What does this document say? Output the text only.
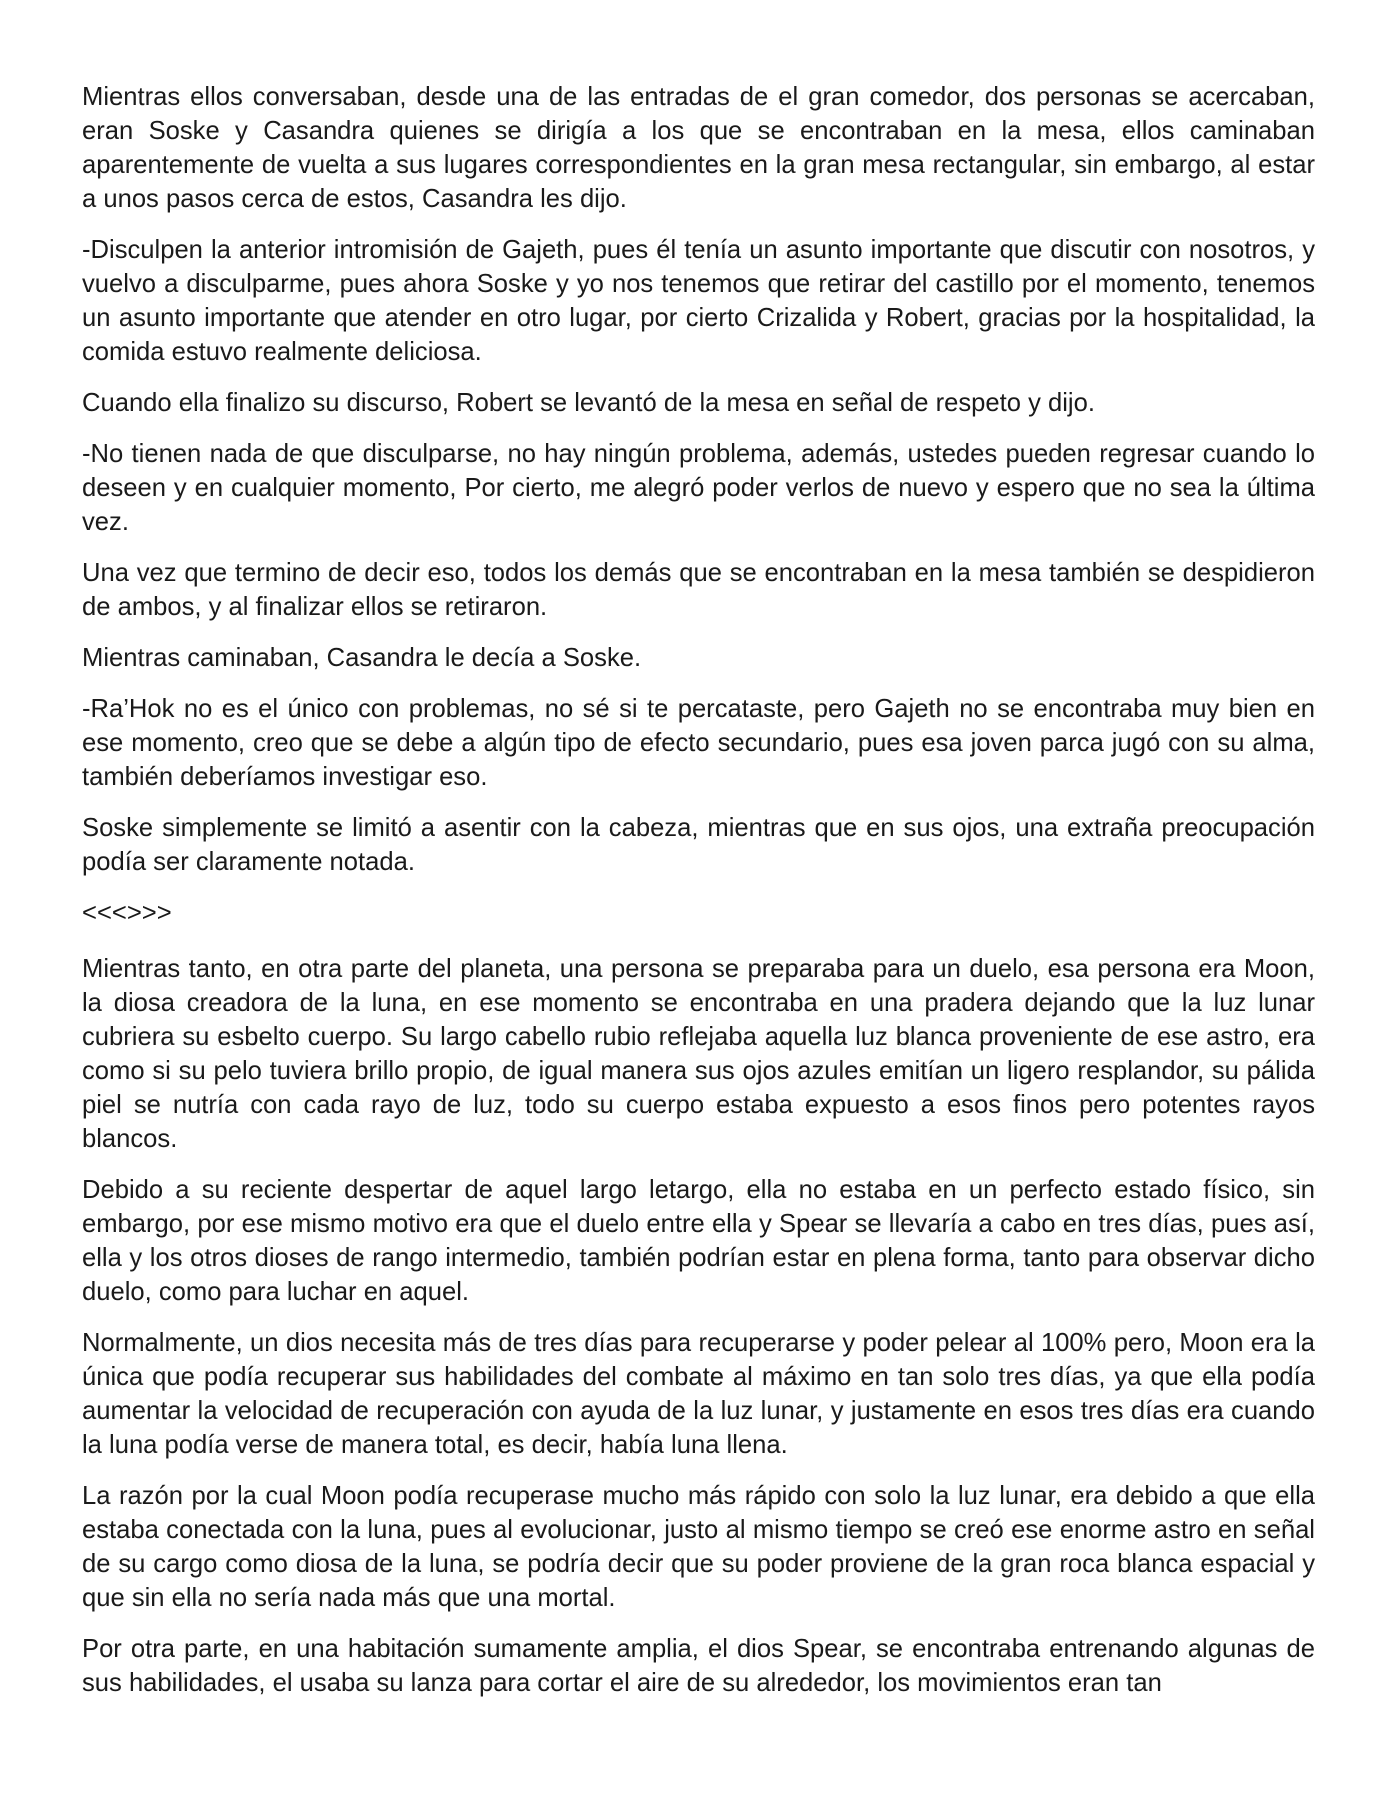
Mientras ellos conversaban, desde una de las entradas de el gran comedor, dos personas se acercaban, eran Soske y Casandra quienes se dirigía a los que se encontraban en la mesa, ellos caminaban aparentemente de vuelta a sus lugares correspondientes en la gran mesa rectangular, sin embargo, al estar a unos pasos cerca de estos, Casandra les dijo.

-Disculpen la anterior intromisión de Gajeth, pues él tenía un asunto importante que discutir con nosotros, y vuelvo a disculparme, pues ahora Soske y yo nos tenemos que retirar del castillo por el momento, tenemos un asunto importante que atender en otro lugar, por cierto Crizalida y Robert, gracias por la hospitalidad, la comida estuvo realmente deliciosa.

Cuando ella finalizo su discurso, Robert se levantó de la mesa en señal de respeto y dijo.

-No tienen nada de que disculparse, no hay ningún problema, además, ustedes pueden regresar cuando lo deseen y en cualquier momento, Por cierto, me alegró poder verlos de nuevo y espero que no sea la última vez.

Una vez que termino de decir eso, todos los demás que se encontraban en la mesa también se despidieron de ambos, y al finalizar ellos se retiraron.

Mientras caminaban, Casandra le decía a Soske.

-Ra’Hok no es el único con problemas, no sé si te percataste, pero Gajeth no se encontraba muy bien en ese momento, creo que se debe a algún tipo de efecto secundario, pues esa joven parca jugó con su alma, también deberíamos investigar eso.

Soske simplemente se limitó a asentir con la cabeza, mientras que en sus ojos, una extraña preocupación podía ser claramente notada.

<<<>>>

Mientras tanto, en otra parte del planeta, una persona se preparaba para un duelo, esa persona era Moon, la diosa creadora de la luna, en ese momento se encontraba en una pradera dejando que la luz lunar cubriera su esbelto cuerpo. Su largo cabello rubio reflejaba aquella luz blanca proveniente de ese astro, era como si su pelo tuviera brillo propio, de igual manera sus ojos azules emitían un ligero resplandor, su pálida piel se nutría con cada rayo de luz, todo su cuerpo estaba expuesto a esos finos pero potentes rayos blancos.

Debido a su reciente despertar de aquel largo letargo, ella no estaba en un perfecto estado físico, sin embargo, por ese mismo motivo era que el duelo entre ella y Spear se llevaría a cabo en tres días, pues así, ella y los otros dioses de rango intermedio, también podrían estar en plena forma, tanto para observar dicho duelo, como para luchar en aquel.

Normalmente, un dios necesita más de tres días para recuperarse y poder pelear al 100% pero, Moon era la única que podía recuperar sus habilidades del combate al máximo en tan solo tres días, ya que ella podía aumentar la velocidad de recuperación con ayuda de la luz lunar, y justamente en esos tres días era cuando la luna podía verse de manera total, es decir, había luna llena.

La razón por la cual Moon podía recuperase mucho más rápido con solo la luz lunar, era debido a que ella estaba conectada con la luna, pues al evolucionar, justo al mismo tiempo se creó ese enorme astro en señal de su cargo como diosa de la luna, se podría decir que su poder proviene de la gran roca blanca espacial y que sin ella no sería nada más que una mortal.

Por otra parte, en una habitación sumamente amplia, el dios Spear, se encontraba entrenando algunas de sus habilidades, el usaba su lanza para cortar el aire de su alrededor, los movimientos eran tan
